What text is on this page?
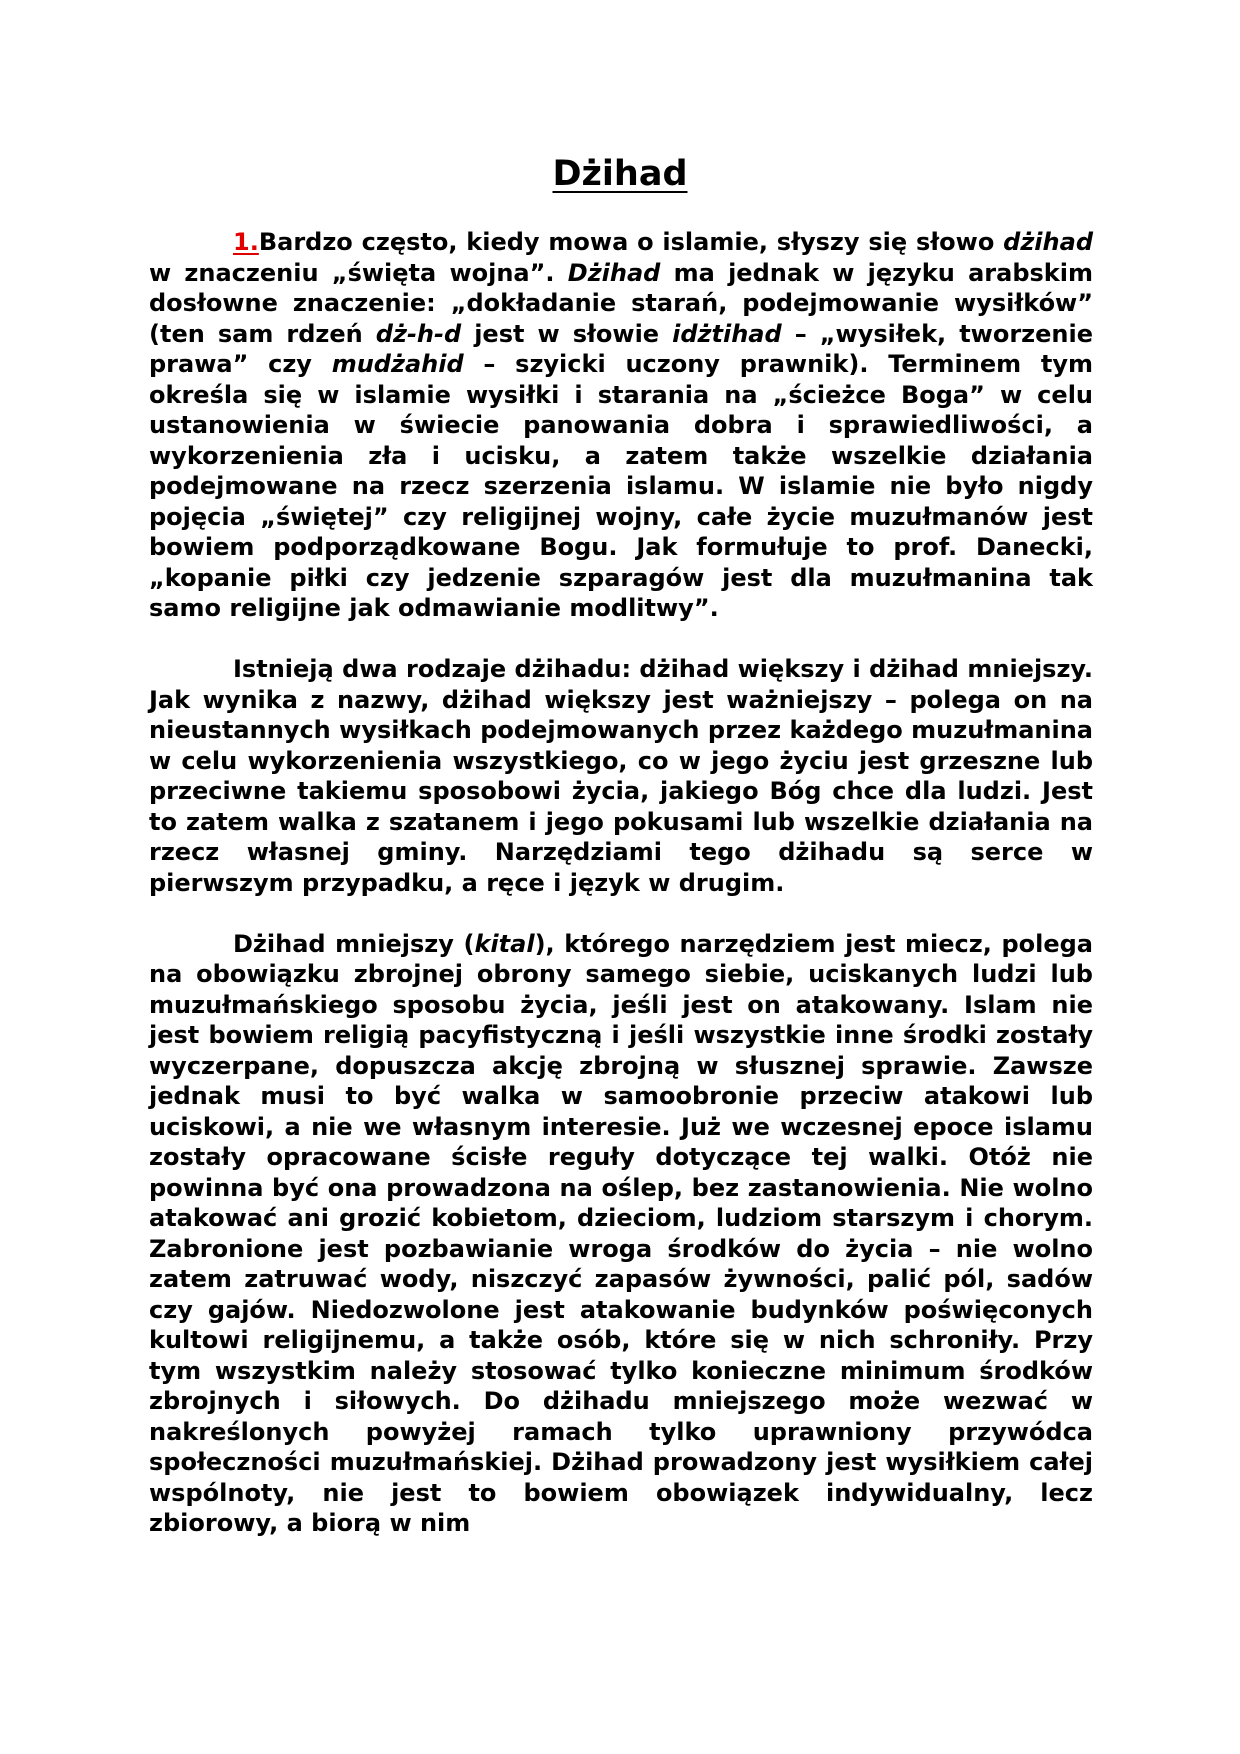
Dżihad

1.Bardzo często, kiedy mowa o islamie, słyszy się słowo dżihad w znaczeniu „święta wojna”. Dżihad ma jednak w języku arabskim dosłowne znaczenie: „dokładanie starań, podejmowanie wysiłków” (ten sam rdzeń dż-h-d jest w słowie idżtihad – „wysiłek, tworzenie prawa” czy mudżahid – szyicki uczony prawnik). Terminem tym określa się w islamie wysiłki i starania na „ścieżce Boga” w celu ustanowienia w świecie panowania dobra i sprawiedliwości, a wykorzenienia zła i ucisku, a zatem także wszelkie działania podejmowane na rzecz szerzenia islamu. W islamie nie było nigdy pojęcia „świętej” czy religijnej wojny, całe życie muzułmanów jest bowiem podporządkowane Bogu. Jak formułuje to prof. Danecki, „kopanie piłki czy jedzenie szparagów jest dla muzułmanina tak samo religijne jak odmawianie modlitwy”.

Istnieją dwa rodzaje dżihadu: dżihad większy i dżihad mniejszy. Jak wynika z nazwy, dżihad większy jest ważniejszy – polega on na nieustannych wysiłkach podejmowanych przez każdego muzułmanina w celu wykorzenienia wszystkiego, co w jego życiu jest grzeszne lub przeciwne takiemu sposobowi życia, jakiego Bóg chce dla ludzi. Jest to zatem walka z szatanem i jego pokusami lub wszelkie działania na rzecz własnej gminy. Narzędziami tego dżihadu są serce w pierwszym przypadku, a ręce i język w drugim.

Dżihad mniejszy (kital), którego narzędziem jest miecz, polega na obowiązku zbrojnej obrony samego siebie, uciskanych ludzi lub muzułmańskiego sposobu życia, jeśli jest on atakowany. Islam nie jest bowiem religią pacyfistyczną i jeśli wszystkie inne środki zostały wyczerpane, dopuszcza akcję zbrojną w słusznej sprawie. Zawsze jednak musi to być walka w samoobronie przeciw atakowi lub uciskowi, a nie we własnym interesie. Już we wczesnej epoce islamu zostały opracowane ścisłe reguły dotyczące tej walki. Otóż nie powinna być ona prowadzona na oślep, bez zastanowienia. Nie wolno atakować ani grozić kobietom, dzieciom, ludziom starszym i chorym. Zabronione jest pozbawianie wroga środków do życia – nie wolno zatem zatruwać wody, niszczyć zapasów żywności, palić pól, sadów czy gajów. Niedozwolone jest atakowanie budynków poświęconych kultowi religijnemu, a także osób, które się w nich schroniły. Przy tym wszystkim należy stosować tylko konieczne minimum środków zbrojnych i siłowych. Do dżihadu mniejszego może wezwać w nakreślonych powyżej ramach tylko uprawniony przywódca społeczności muzułmańskiej. Dżihad prowadzony jest wysiłkiem całej wspólnoty, nie jest to bowiem obowiązek indywidualny, lecz zbiorowy, a biorą w nim
